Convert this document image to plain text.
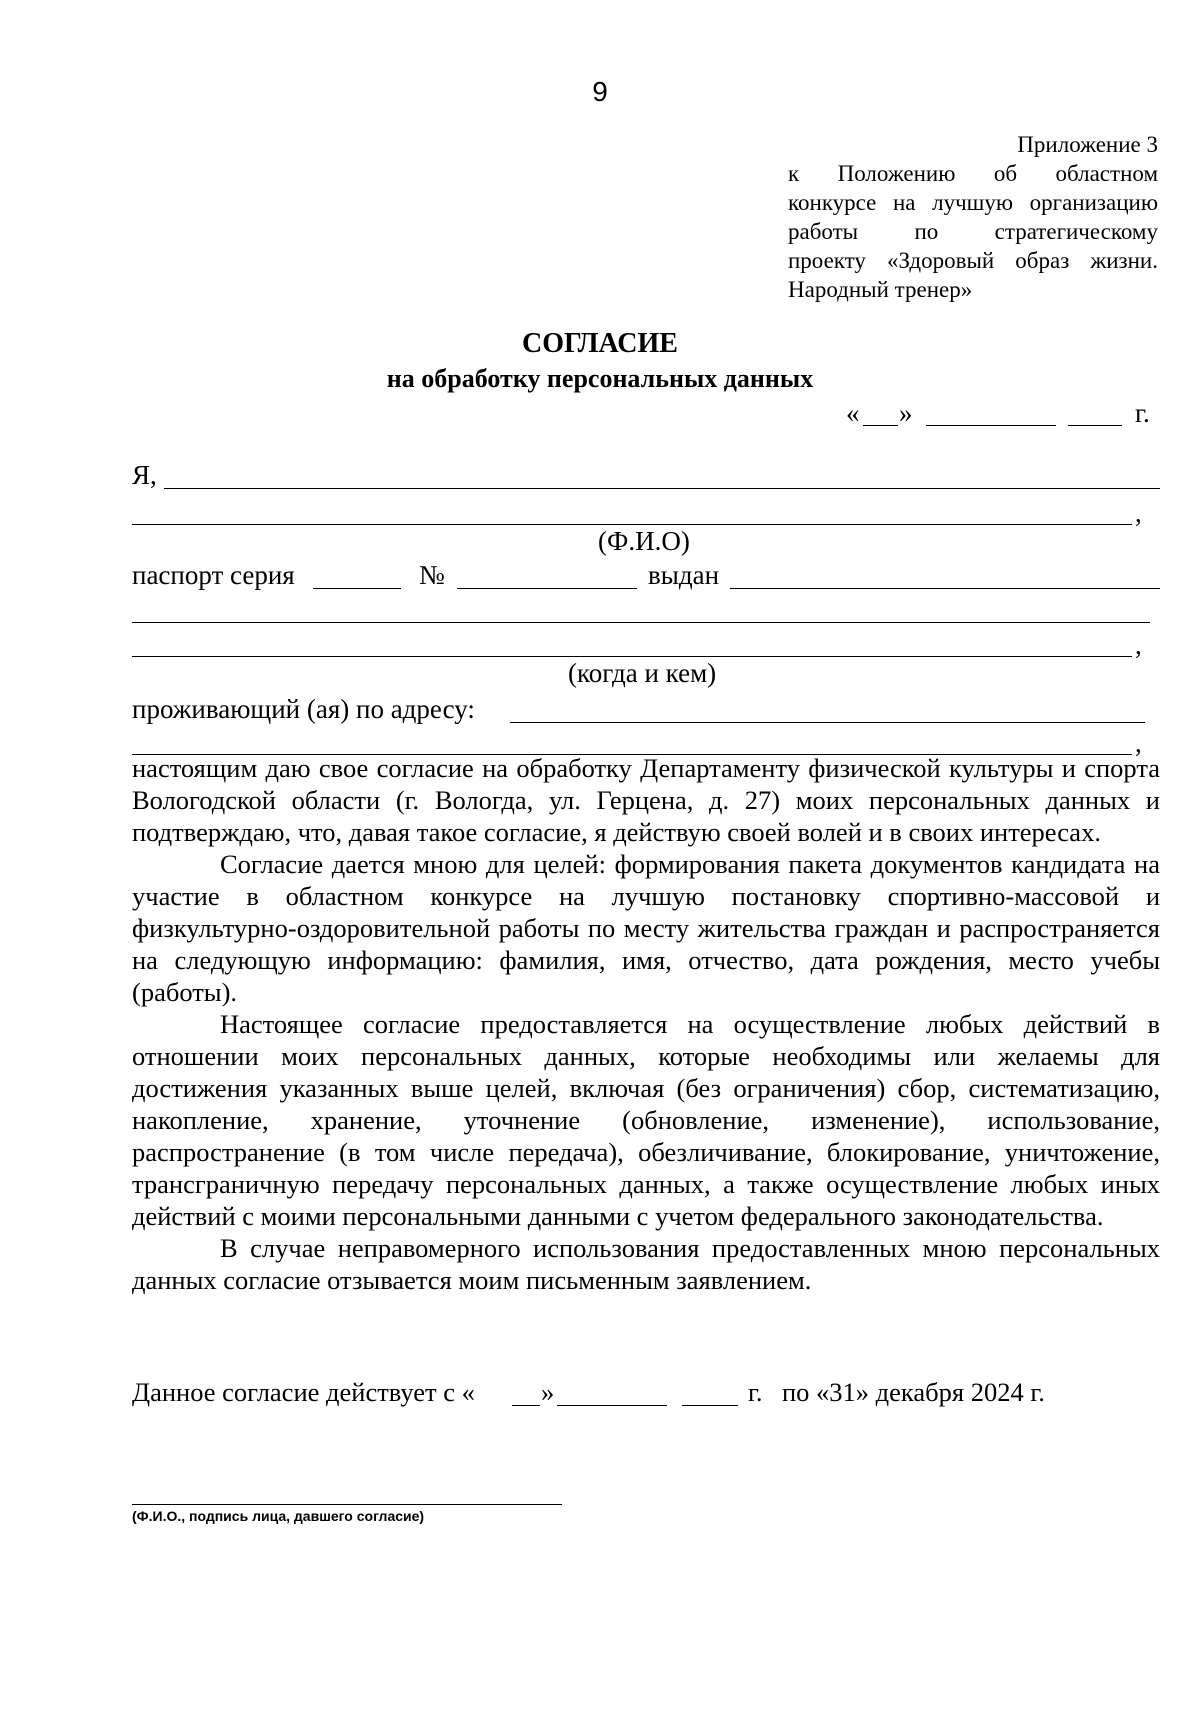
9
Приложение 3
к Положению об областном
конкурсе на лучшую организацию
работы по стратегическому
проекту «Здоровый образ жизни.
Народный тренер»
СОГЛАСИЕ
на обработку персональных данных
« »	г.
Я,
,
(Ф.И.О)
паспорт серия	№	выдан
,
(когда и кем)
проживающий (ая) по адресу:
,

настоящим даю свое согласие на обработку Департаменту физической культуры и спорта Вологодской области (г. Вологда, ул. Герцена, д. 27) моих персональных данных и подтверждаю, что, давая такое согласие, я действую своей волей и в своих интересах.

Согласие дается мною для целей: формирования пакета документов кандидата на участие в областном конкурсе на лучшую постановку спортивно-массовой и физкультурно-оздоровительной работы по месту жительства граждан и распространяется на следующую информацию: фамилия, имя, отчество, дата рождения, место учебы (работы).

Настоящее согласие предоставляется на осуществление любых действий в отношении моих персональных данных, которые необходимы или желаемы для достижения указанных выше целей, включая (без ограничения) сбор, систематизацию, накопление, хранение, уточнение (обновление, изменение), использование, распространение (в том числе передача), обезличивание, блокирование, уничтожение, трансграничную передачу персональных данных, а также осуществление любых иных действий с моими персональными данными с учетом федерального законодательства.

В случае неправомерного использования предоставленных мною персональных данных согласие отзывается моим письменным заявлением.

Данное согласие действует с « »	г. по «31» декабря 2024 г.
(Ф.И.О., подпись лица, давшего согласие)
